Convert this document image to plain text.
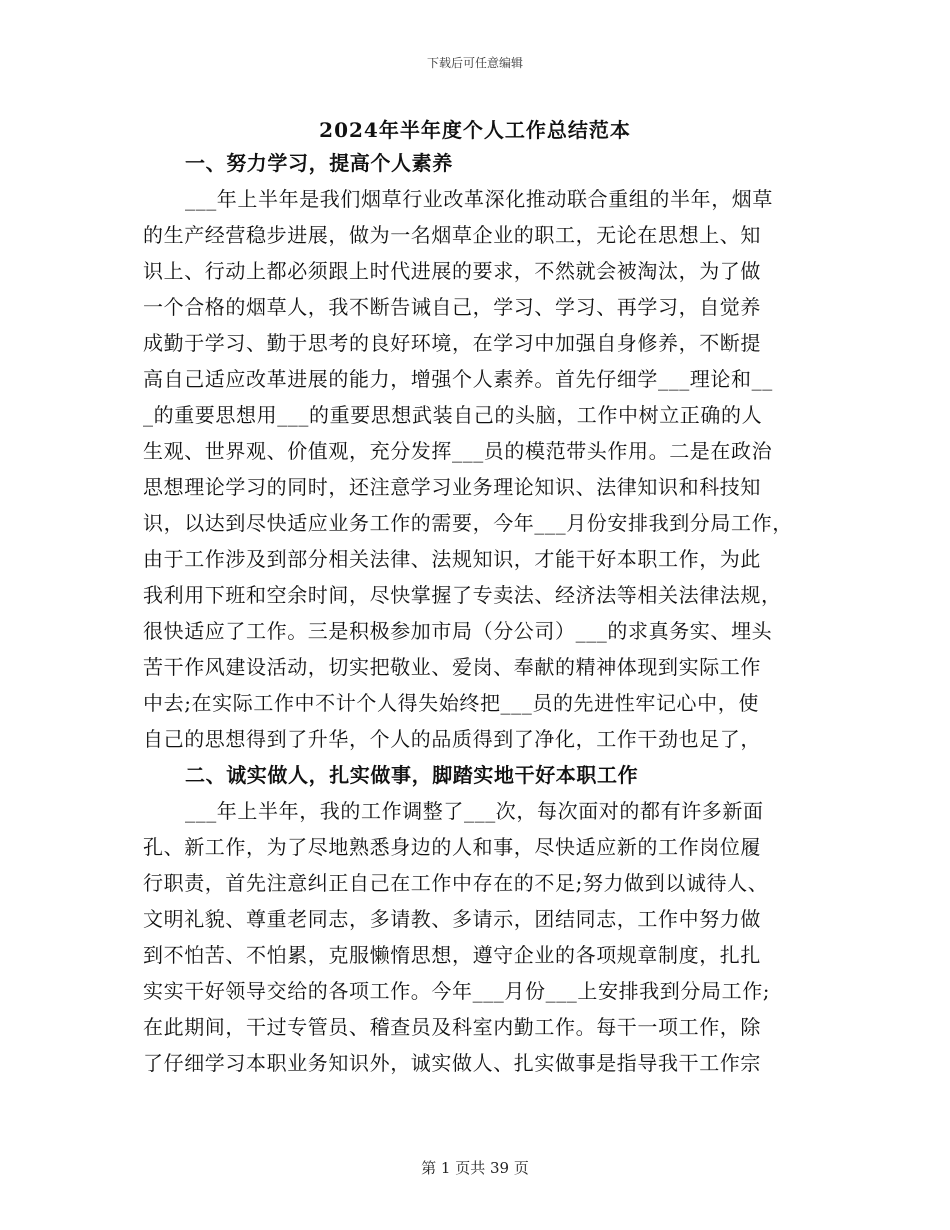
下载后可任意编辑
2024年半年度个人工作总结范本
一、努力学习，提高个人素养
___年上半年是我们烟草行业改革深化推动联合重组的半年，烟草
的生产经营稳步进展，做为一名烟草企业的职工，无论在思想上、知
识上、行动上都必须跟上时代进展的要求，不然就会被淘汰，为了做
一个合格的烟草人，我不断告诫自己，学习、学习、再学习，自觉养
成勤于学习、勤于思考的良好环境，在学习中加强自身修养，不断提
高自己适应改革进展的能力，增强个人素养。首先仔细学___理论和__
_的重要思想用___的重要思想武装自己的头脑，工作中树立正确的人
生观、世界观、价值观，充分发挥___员的模范带头作用。二是在政治
思想理论学习的同时，还注意学习业务理论知识、法律知识和科技知
识，以达到尽快适应业务工作的需要，今年___月份安排我到分局工作，
由于工作涉及到部分相关法律、法规知识，才能干好本职工作，为此
我利用下班和空余时间，尽快掌握了专卖法、经济法等相关法律法规，
很快适应了工作。三是积极参加市局（分公司）___的求真务实、埋头
苦干作风建设活动，切实把敬业、爱岗、奉献的精神体现到实际工作
中去;在实际工作中不计个人得失始终把___员的先进性牢记心中，使
自己的思想得到了升华，个人的品质得到了净化，工作干劲也足了，
二、诚实做人，扎实做事，脚踏实地干好本职工作
___年上半年，我的工作调整了___次，每次面对的都有许多新面
孔、新工作，为了尽地熟悉身边的人和事，尽快适应新的工作岗位履
行职责，首先注意纠正自己在工作中存在的不足;努力做到以诚待人、
文明礼貌、尊重老同志，多请教、多请示，团结同志，工作中努力做
到不怕苦、不怕累，克服懒惰思想，遵守企业的各项规章制度，扎扎
实实干好领导交给的各项工作。今年___月份___上安排我到分局工作;
在此期间，干过专管员、稽查员及科室内勤工作。每干一项工作，除
了仔细学习本职业务知识外，诚实做人、扎实做事是指导我干工作宗
第 1 页共 39 页
